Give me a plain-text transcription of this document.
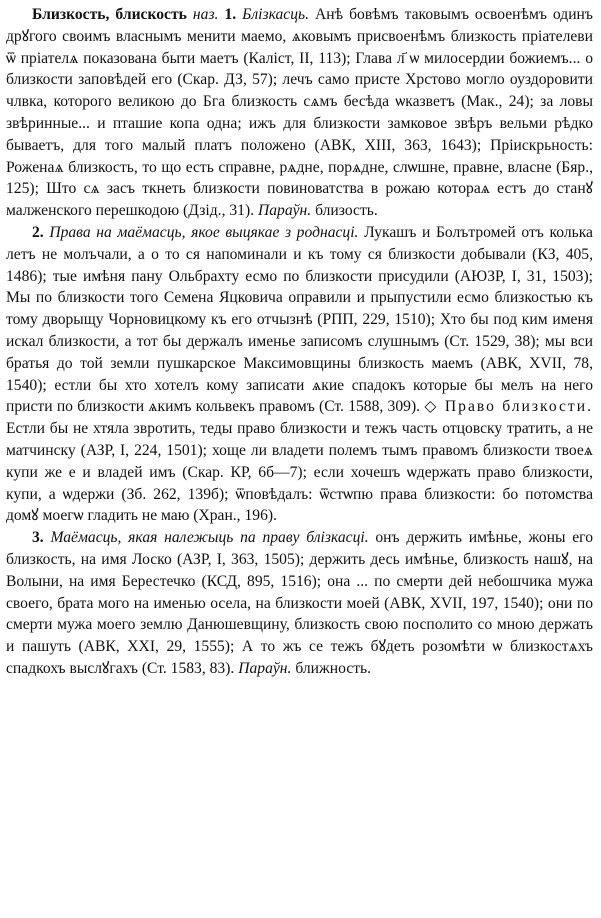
Близкость, блискость наз. 1. Блізкасць. Анѣ бовѣмъ таковымъ освоенѣмъ одинъ дрꙋгого своимъ власнымъ менити маемо, ѧковымъ присвоенѣмъ близкость пріателеви ѿ пріателѧ показована быти маетъ (Каліст, II, 113); Глава л҃ ѡ милосердии божиемъ... о близкости заповѣдей его (Скар. ДЗ, 57); лечъ само присте Хрстово могло оуздоровити члвка, которого великою до Бга близкость сѧмъ бесѣда ѡказветъ (Мак., 24); за ловы звѣринные... и пташие копа одна; ижъ для близкости замковое звѣръ вельми рѣдко бываетъ, для того малый платъ положено (АВК, XIII, 363, 1643); Пріискрьность: Роженаѧ близкость, то що есть справне, рѧдне, порѧдне, слѡшне, правне, власне (Бяр., 125); Што сѧ засъ ткнеть близкости повиноватства в рожаю котораѧ естъ до станꙋ малженского перешкодою (Дзід., 31). Параўн. близость.

2. Права на маёмасць, якое выцякае з роднасці. Лукашъ и Болътромей отъ колька летъ не молъчали, а о то ся напоминали и къ тому ся близкости добывали (КЗ, 405, 1486); тые имѣня пану Ольбрахту есмо по близкости присудили (АЮЗР, I, 31, 1503); Мы по близкости того Семена Яцковича оправили и прыпустили есмо близкостью къ тому дворыщу Чорновицкому къ его отчызнѣ (РПП, 229, 1510); Хто бы под ким именя искал близкости, а тот бы держалъ именье записомъ слушнымъ (Ст. 1529, 38); мы вси братья до той земли пушкарское Максимовщины близкость маемъ (АВК, XVII, 78, 1540); естли бы хто хотелъ кому записати ѧкие спадокъ которые бы мелъ на него присти по близкости ѧкимъ кольвекъ правомъ (Ст. 1588, 309). ◇ Право близкости. Естли бы не хтяла звротить, теды право близкости и тежъ часть отцовску тратить, а не матчинску (АЗР, I, 224, 1501); хоще ли владети полемъ тымъ правомъ близкости твоеѧ купи же е и владей имъ (Скар. КР, 6б—7); если хочешъ ѡдержать право близкости, купи, а ѡдержи (Зб. 262, 139б); ѿповѣдалъ: ѿстѡпю права близкости: бо потомства домꙋ моегѡ гладить не маю (Хран., 196).

3. Маёмасць, якая належыць па праву блізкасці. онъ держить имѣнье, жоны его близкость, на имя Лоско (АЗР, I, 363, 1505); держить десь имѣнье, близкость нашꙋ, на Волыни, на имя Берестечко (КСД, 895, 1516); она ... по смерти дей небошчика мужа своего, брата мого на именью осела, на близкости моей (АВК, XVII, 197, 1540); они по смерти мужа моего землю Данюшевщину, близкость свою посполито со мною держать и пашуть (АВК, XXI, 29, 1555); А то жъ се тежъ бꙋдеть розомѣти ѡ близкостѧхъ спадкохъ выслꙋгахъ (Ст. 1583, 83). Параўн. ближность.
